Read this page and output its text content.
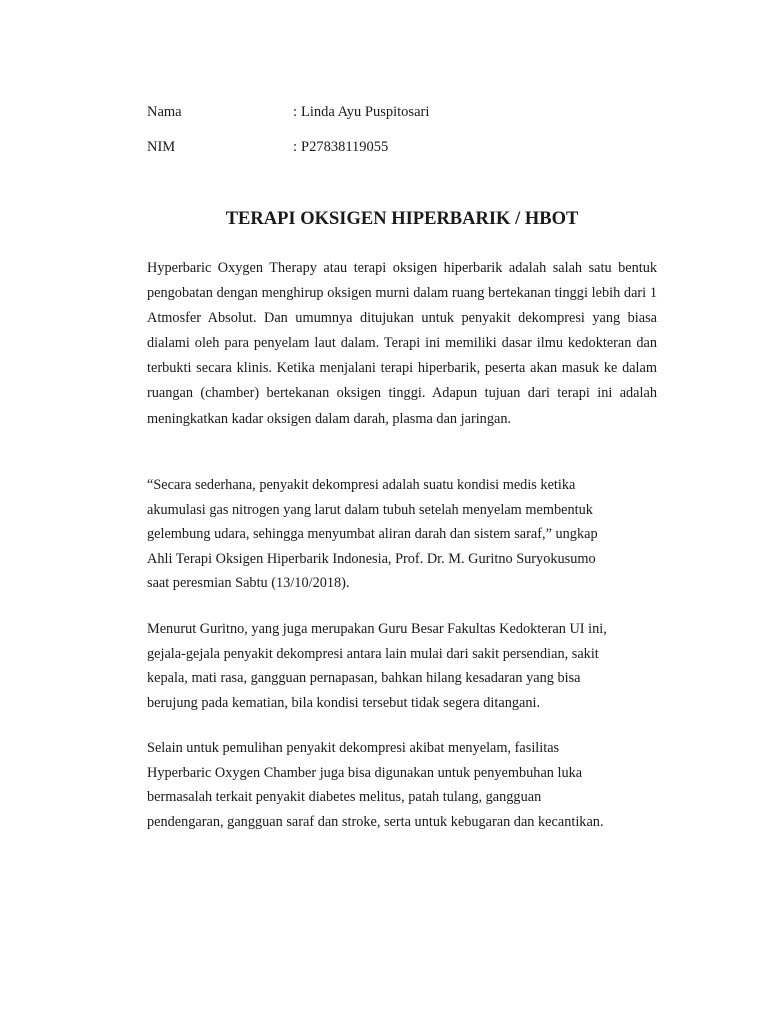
Nama	: Linda Ayu Puspitosari
NIM	: P27838119055
TERAPI OKSIGEN HIPERBARIK / HBOT

Hyperbaric Oxygen Therapy atau terapi oksigen hiperbarik adalah salah satu bentuk pengobatan dengan menghirup oksigen murni dalam ruang bertekanan tinggi lebih dari 1 Atmosfer Absolut. Dan umumnya ditujukan untuk penyakit dekompresi yang biasa dialami oleh para penyelam laut dalam. Terapi ini memiliki dasar ilmu kedokteran dan terbukti secara klinis. Ketika menjalani terapi hiperbarik, peserta akan masuk ke dalam ruangan (chamber) bertekanan oksigen tinggi. Adapun tujuan dari terapi ini adalah meningkatkan kadar oksigen dalam darah, plasma dan jaringan.

“Secara sederhana, penyakit dekompresi adalah suatu kondisi medis ketika
akumulasi gas nitrogen yang larut dalam tubuh setelah menyelam membentuk
gelembung udara, sehingga menyumbat aliran darah dan sistem saraf,” ungkap
Ahli Terapi Oksigen Hiperbarik Indonesia, Prof. Dr. M. Guritno Suryokusumo
saat peresmian Sabtu (13/10/2018).

Menurut Guritno, yang juga merupakan Guru Besar Fakultas Kedokteran UI ini,
gejala-gejala penyakit dekompresi antara lain mulai dari sakit persendian, sakit
kepala, mati rasa, gangguan pernapasan, bahkan hilang kesadaran yang bisa
berujung pada kematian, bila kondisi tersebut tidak segera ditangani.

Selain untuk pemulihan penyakit dekompresi akibat menyelam, fasilitas
Hyperbaric Oxygen Chamber juga bisa digunakan untuk penyembuhan luka
bermasalah terkait penyakit diabetes melitus, patah tulang, gangguan
pendengaran, gangguan saraf dan stroke, serta untuk kebugaran dan kecantikan.
